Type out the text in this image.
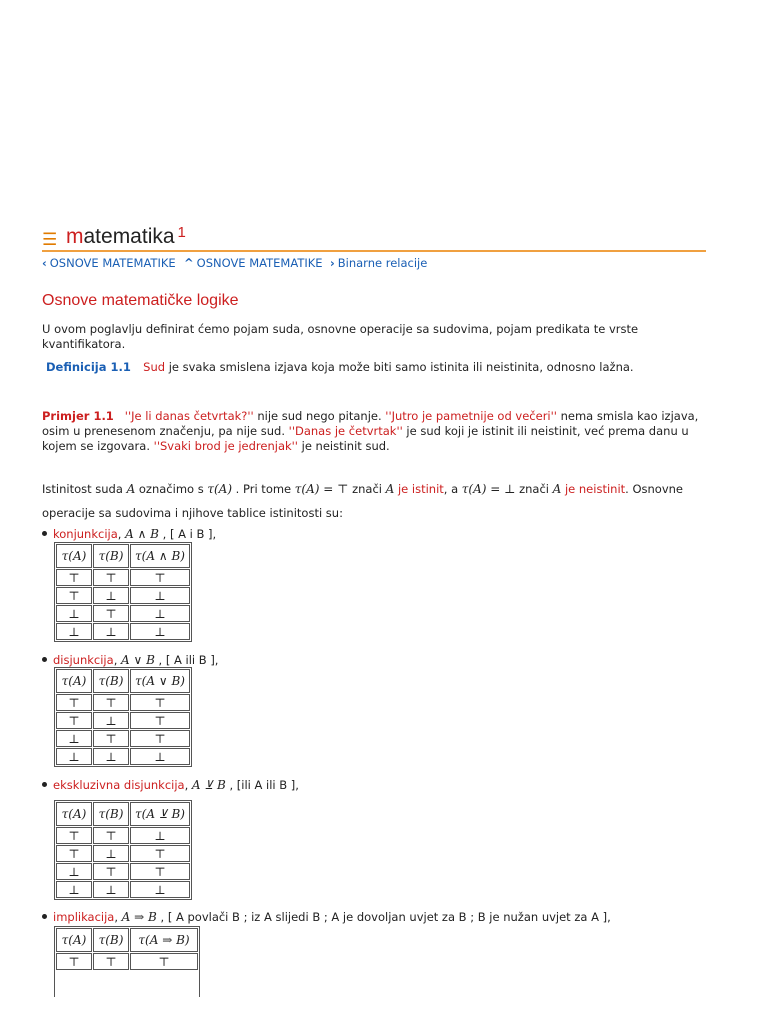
☰ matematika $^1$
‹ OSNOVE MATEMATIKE ^ OSNOVE MATEMATIKE › Binarne relacije
Osnove matematičke logike
U ovom poglavlju definirat ćemo pojam suda, osnovne operacije sa sudovima, pojam predikata te vrste kvantifikatora.
Definicija 1.1 Sud je svaka smislena izjava koja može biti samo istinita ili neistinita, odnosno lažna.
Primjer 1.1 ''Je li danas četvrtak?'' nije sud nego pitanje. ''Jutro je pametnije od večeri'' nema smisla kao izjava, osim u prenesenom značenju, pa nije sud. ''Danas je četvrtak'' je sud koji je istinit ili neistinit, već prema danu u kojem se izgovara. ''Svaki brod je jedrenjak'' je neistinit sud.
Istinitost suda A označimo s τ(A) . Pri tome τ(A) = ⊤ znači A je istinit, a τ(A) = ⊥ znači A je neistinit. Osnovne
operacije sa sudovima i njihove tablice istinitosti su:
konjunkcija, A ∧ B , [ A i B ],
τ(A)	τ(B)	τ(A ∧ B)
⊤	⊤	⊤
⊤	⊥	⊥
⊥	⊤	⊥
⊥	⊥	⊥
disjunkcija, A ∨ B , [ A ili B ],
τ(A)	τ(B)	τ(A ∨ B)
⊤	⊤	⊤
⊤	⊥	⊤
⊥	⊤	⊤
⊥	⊥	⊥
ekskluzivna disjunkcija, A ⊻ B , [ili A ili B ],
τ(A)	τ(B)	τ(A ⊻ B)
⊤	⊤	⊥
⊤	⊥	⊤
⊥	⊤	⊤
⊥	⊥	⊥
implikacija, A ⇒ B , [ A povlači B ; iz A slijedi B ; A je dovoljan uvjet za B ; B je nužan uvjet za A ],
τ(A)	τ(B)	τ(A ⇒ B)
⊤	⊤	⊤
